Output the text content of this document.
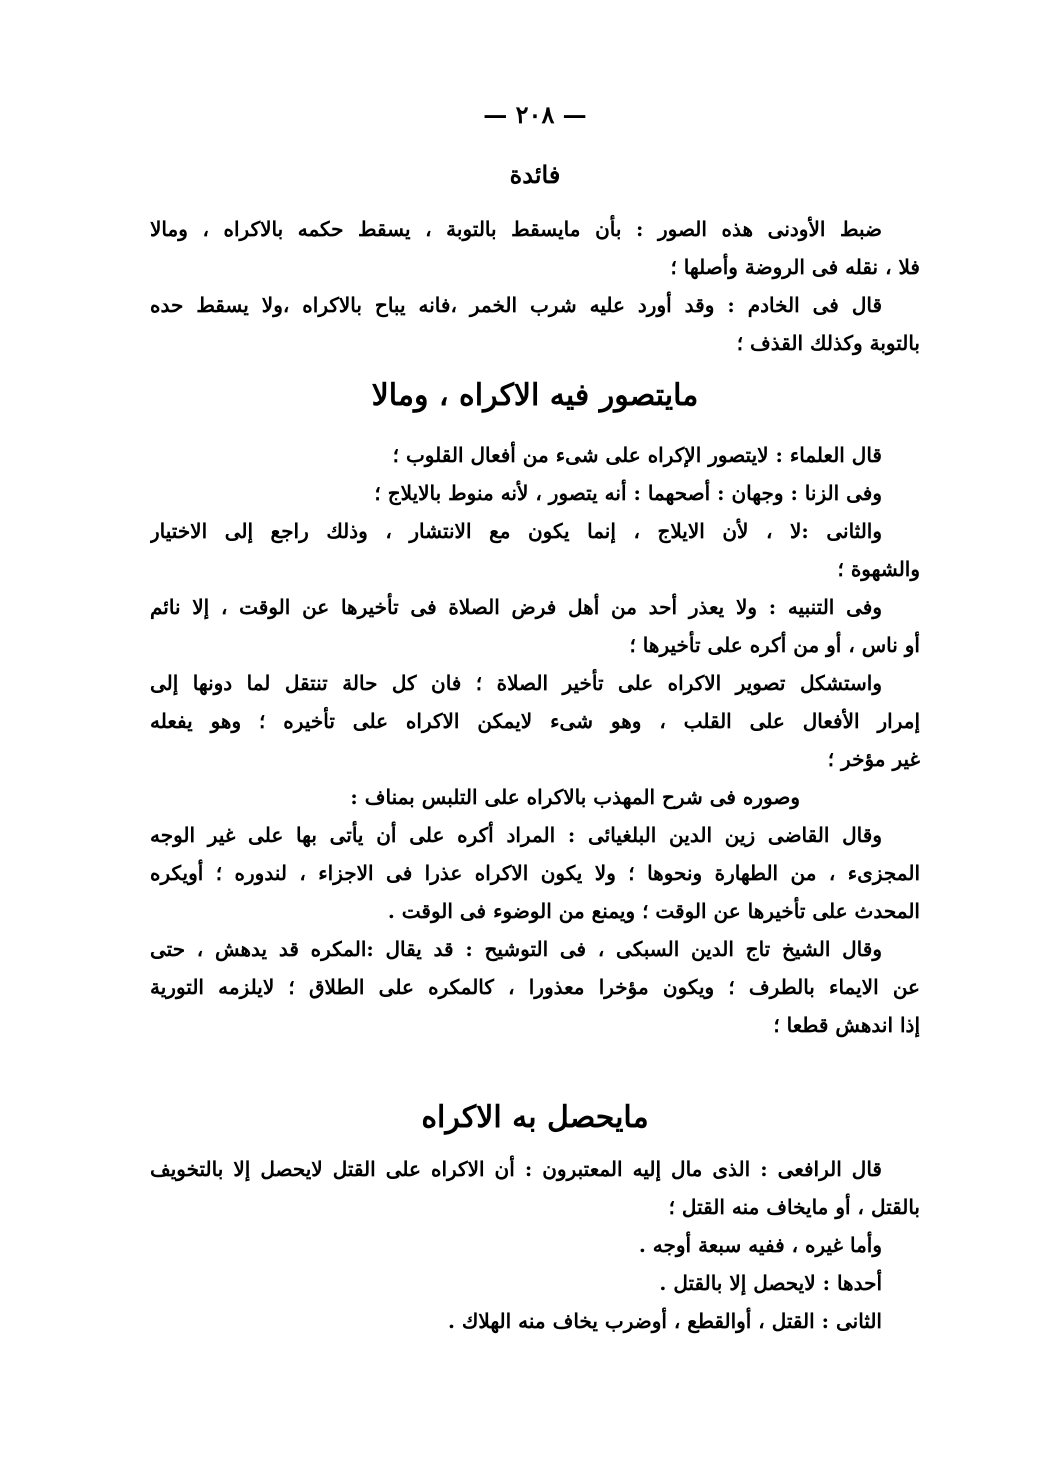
— ٢٠٨ —
فائدة
ضبط الأودنى هذه الصور : بأن مايسقط بالتوبة ، يسقط حكمه بالاكراه ، ومالا
فلا ، نقله فى الروضة وأصلها ؛
قال فى الخادم : وقد أورد عليه شرب الخمر ،فانه يباح بالاكراه ،ولا يسقط حده
بالتوبة وكذلك القذف ؛
مايتصور فيه الاكراه ، ومالا
قال العلماء : لايتصور الإكراه على شىء من أفعال القلوب ؛
وفى الزنا : وجهان : أصحهما : أنه يتصور ، لأنه منوط بالايلاج ؛
والثانى :لا ، لأن الايلاج ، إنما يكون مع الانتشار ، وذلك راجع إلى الاختيار
والشهوة ؛
وفى التنبيه : ولا يعذر أحد من أهل فرض الصلاة فى تأخيرها عن الوقت ، إلا نائم
أو ناس ، أو من أكره على تأخيرها ؛
واستشكل تصوير الاكراه على تأخير الصلاة ؛ فان كل حالة تنتقل لما دونها إلى
إمرار الأفعال على القلب ، وهو شىء لايمكن الاكراه على تأخيره ؛ وهو يفعله
غير مؤخر ؛
وصوره فى شرح المهذب بالاكراه على التلبس بمناف :
وقال القاضى زين الدين البلغيائى : المراد أكره على أن يأتى بها على غير الوجه
المجزىء ، من الطهارة ونحوها ؛ ولا يكون الاكراه عذرا فى الاجزاء ، لندوره ؛ أويكره
المحدث على تأخيرها عن الوقت ؛ ويمنع من الوضوء فى الوقت .
وقال الشيخ تاج الدين السبكى ، فى التوشيح : قد يقال :المكره قد يدهش ، حتى
عن الايماء بالطرف ؛ ويكون مؤخرا معذورا ، كالمكره على الطلاق ؛ لايلزمه التورية
إذا اندهش قطعا ؛
مايحصل به الاكراه
قال الرافعى : الذى مال إليه المعتبرون : أن الاكراه على القتل لايحصل إلا بالتخويف
بالقتل ، أو مايخاف منه القتل ؛
وأما غيره ، ففيه سبعة أوجه .
أحدها : لايحصل إلا بالقتل .
الثانى : القتل ، أوالقطع ، أوضرب يخاف منه الهلاك .
